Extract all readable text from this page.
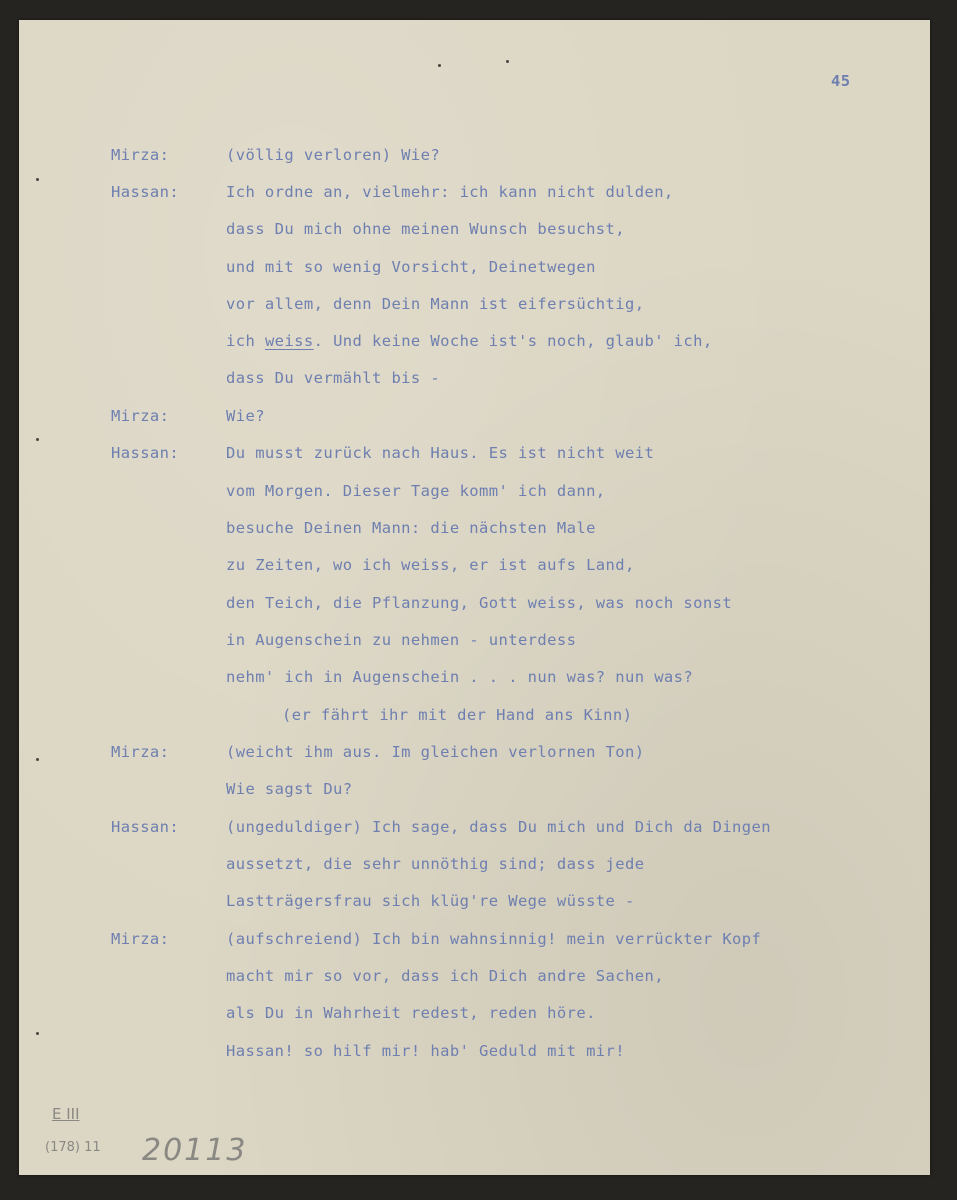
45
Mirza:	(völlig verloren) Wie?
Hassan:	Ich ordne an, vielmehr: ich kann nicht dulden,
dass Du mich ohne meinen Wunsch besuchst,
und mit so wenig Vorsicht, Deinetwegen
vor allem, denn Dein Mann ist eifersüchtig,
ich weiss. Und keine Woche ist's noch, glaub' ich,
dass Du vermählt bis -
Mirza:	Wie?
Hassan:	Du musst zurück nach Haus. Es ist nicht weit
vom Morgen. Dieser Tage komm' ich dann,
besuche Deinen Mann: die nächsten Male
zu Zeiten, wo ich weiss, er ist aufs Land,
den Teich, die Pflanzung, Gott weiss, was noch sonst
in Augenschein zu nehmen - unterdess
nehm' ich in Augenschein . . . nun was? nun was?
(er fährt ihr mit der Hand ans Kinn)
Mirza:	(weicht ihm aus. Im gleichen verlornen Ton)
Wie sagst Du?
Hassan:	(ungeduldiger) Ich sage, dass Du mich und Dich da Dingen
aussetzt, die sehr unnöthig sind; dass jede
Lastträgersfrau sich klüg're Wege wüsste -
Mirza:	(aufschreiend) Ich bin wahnsinnig! mein verrückter Kopf
macht mir so vor, dass ich Dich andre Sachen,
als Du in Wahrheit redest, reden höre.
Hassan! so hilf mir! hab' Geduld mit mir!
E III
(178) 11 20113
